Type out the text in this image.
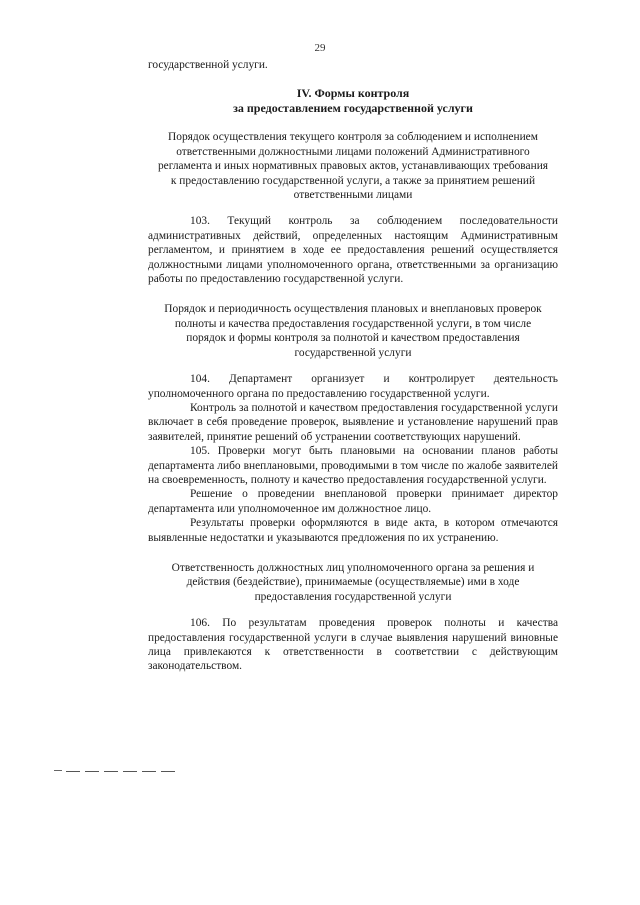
29

государственной услуги.

IV. Формы контроля
за предоставлением государственной услуги

Порядок осуществления текущего контроля за соблюдением и исполнением ответственными должностными лицами положений Административного регламента и иных нормативных правовых актов, устанавливающих требования к предоставлению государственной услуги, а также за принятием решений ответственными лицами

103. Текущий контроль за соблюдением последовательности административных действий, определенных настоящим Административным регламентом, и принятием в ходе ее предоставления решений осуществляется должностными лицами уполномоченного органа, ответственными за организацию работы по предоставлению государственной услуги.

Порядок и периодичность осуществления плановых и внеплановых проверок полноты и качества предоставления государственной услуги, в том числе порядок и формы контроля за полнотой и качеством предоставления государственной услуги

104. Департамент организует и контролирует деятельность уполномоченного органа по предоставлению государственной услуги.

Контроль за полнотой и качеством предоставления государственной услуги включает в себя проведение проверок, выявление и установление нарушений прав заявителей, принятие решений об устранении соответствующих нарушений.

105. Проверки могут быть плановыми на основании планов работы департамента либо внеплановыми, проводимыми в том числе по жалобе заявителей на своевременность, полноту и качество предоставления государственной услуги.

Решение о проведении внеплановой проверки принимает директор департамента или уполномоченное им должностное лицо.

Результаты проверки оформляются в виде акта, в котором отмечаются выявленные недостатки и указываются предложения по их устранению.

Ответственность должностных лиц уполномоченного органа за решения и действия (бездействие), принимаемые (осуществляемые) ими в ходе предоставления государственной услуги

106. По результатам проведения проверок полноты и качества предоставления государственной услуги в случае выявления нарушений виновные лица привлекаются к ответственности в соответствии с действующим законодательством.
